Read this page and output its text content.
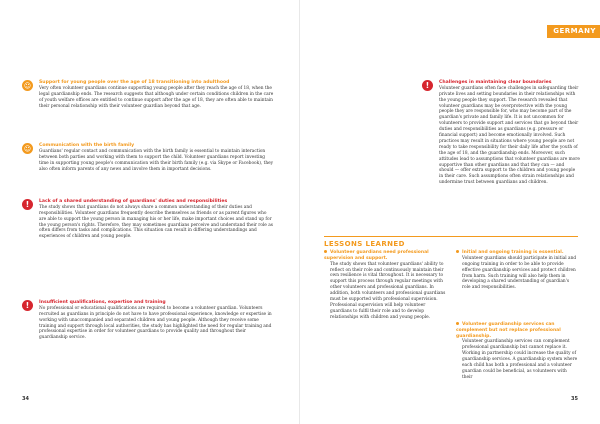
☺	Support for young people over the age of 18 transitioning into adulthood

Very often volunteer guardians continue supporting young people after they reach the age of 18, when the legal guardianship ends. The research suggests that although under certain conditions children in the care of youth welfare offices are entitled to continue support after the age of 18, they are often able to maintain their personal relationship with their volunteer guardian beyond that age.

☺	Communication with the birth family

Guardians' regular contact and communication with the birth family is essential to maintain interaction between both parties and working with them to support the child. Volunteer guardians report investing time in supporting young people's communication with their birth family (e.g. via Skype or Facebook), they also often inform parents of any news and involve them in important decisions.

!	Lack of a shared understanding of guardians' duties and responsibilities

The study shows that guardians do not always share a common understanding of their duties and responsibilities. Volunteer guardians frequently describe themselves as friends or as parent figures who are able to support the young person in managing his or her life, make important choices and stand up for the young person's rights. Therefore, they may sometimes guardians perceive and understand their role as often differs from tasks and complications. This situation can result in differing understandings and experiences of children and young people.

!	Insufficient qualifications, expertise and training

No professional or educational qualifications are required to become a volunteer guardian. Volunteers recruited as guardians in principle do not have to have professional experience, knowledge or expertise in working with unaccompanied and separated children and young people. Although they receive some training and support through local authorities, the study has highlighted the need for regular training and professional expertise in order for volunteer guardians to provide quality and throughout their guardianship service.

34
GERMANY
!	Challenges in maintaining clear boundaries

Volunteer guardians often face challenges in safeguarding their private lives and setting boundaries in their relationships with the young people they support. The research revealed that volunteer guardians may be overprotective with the young people they are responsible for, who may become part of the guardian's private and family life. It is not uncommon for volunteers to provide support and services that go beyond their duties and responsibilities as guardians (e.g. pressure or financial support) and become emotionally involved. Such practices may result in situations where young people are not ready to take responsibility for their daily life after the youth of the age of 18, and the guardianship ends. Moreover, such attitudes lead to assumptions that volunteer guardians are more supportive than other guardians and that they can — and should — offer extra support to the children and young people in their care. Such assumptions often strain relationships and undermine trust between guardians and children.

LESSONS LEARNED
Volunteer guardians need professional supervision and support.

The study shows that volunteer guardians' ability to reflect on their role and continuously maintain their own resilience is vital throughout. It is necessary to support this process through regular meetings with other volunteers and professional guardians. In addition, both volunteers and professional guardians must be supported with professional supervision. Professional supervision will help volunteer guardians to fulfil their role and to develop relationships with children and young people.

Initial and ongoing training is essential.

Volunteer guardians should participate in initial and ongoing training in order to be able to provide effective guardianship services and protect children from harm. Such training will also help them in developing a shared understanding of guardian's role and responsibilities.

Volunteer guardianship services can complement but not replace professional guardianship.

Volunteer guardianship services can complement professional guardianship but cannot replace it. Working in partnership could increase the quality of guardianship services. A guardianship system where each child has both a professional and a volunteer guardian could be beneficial, as volunteers with their

35
